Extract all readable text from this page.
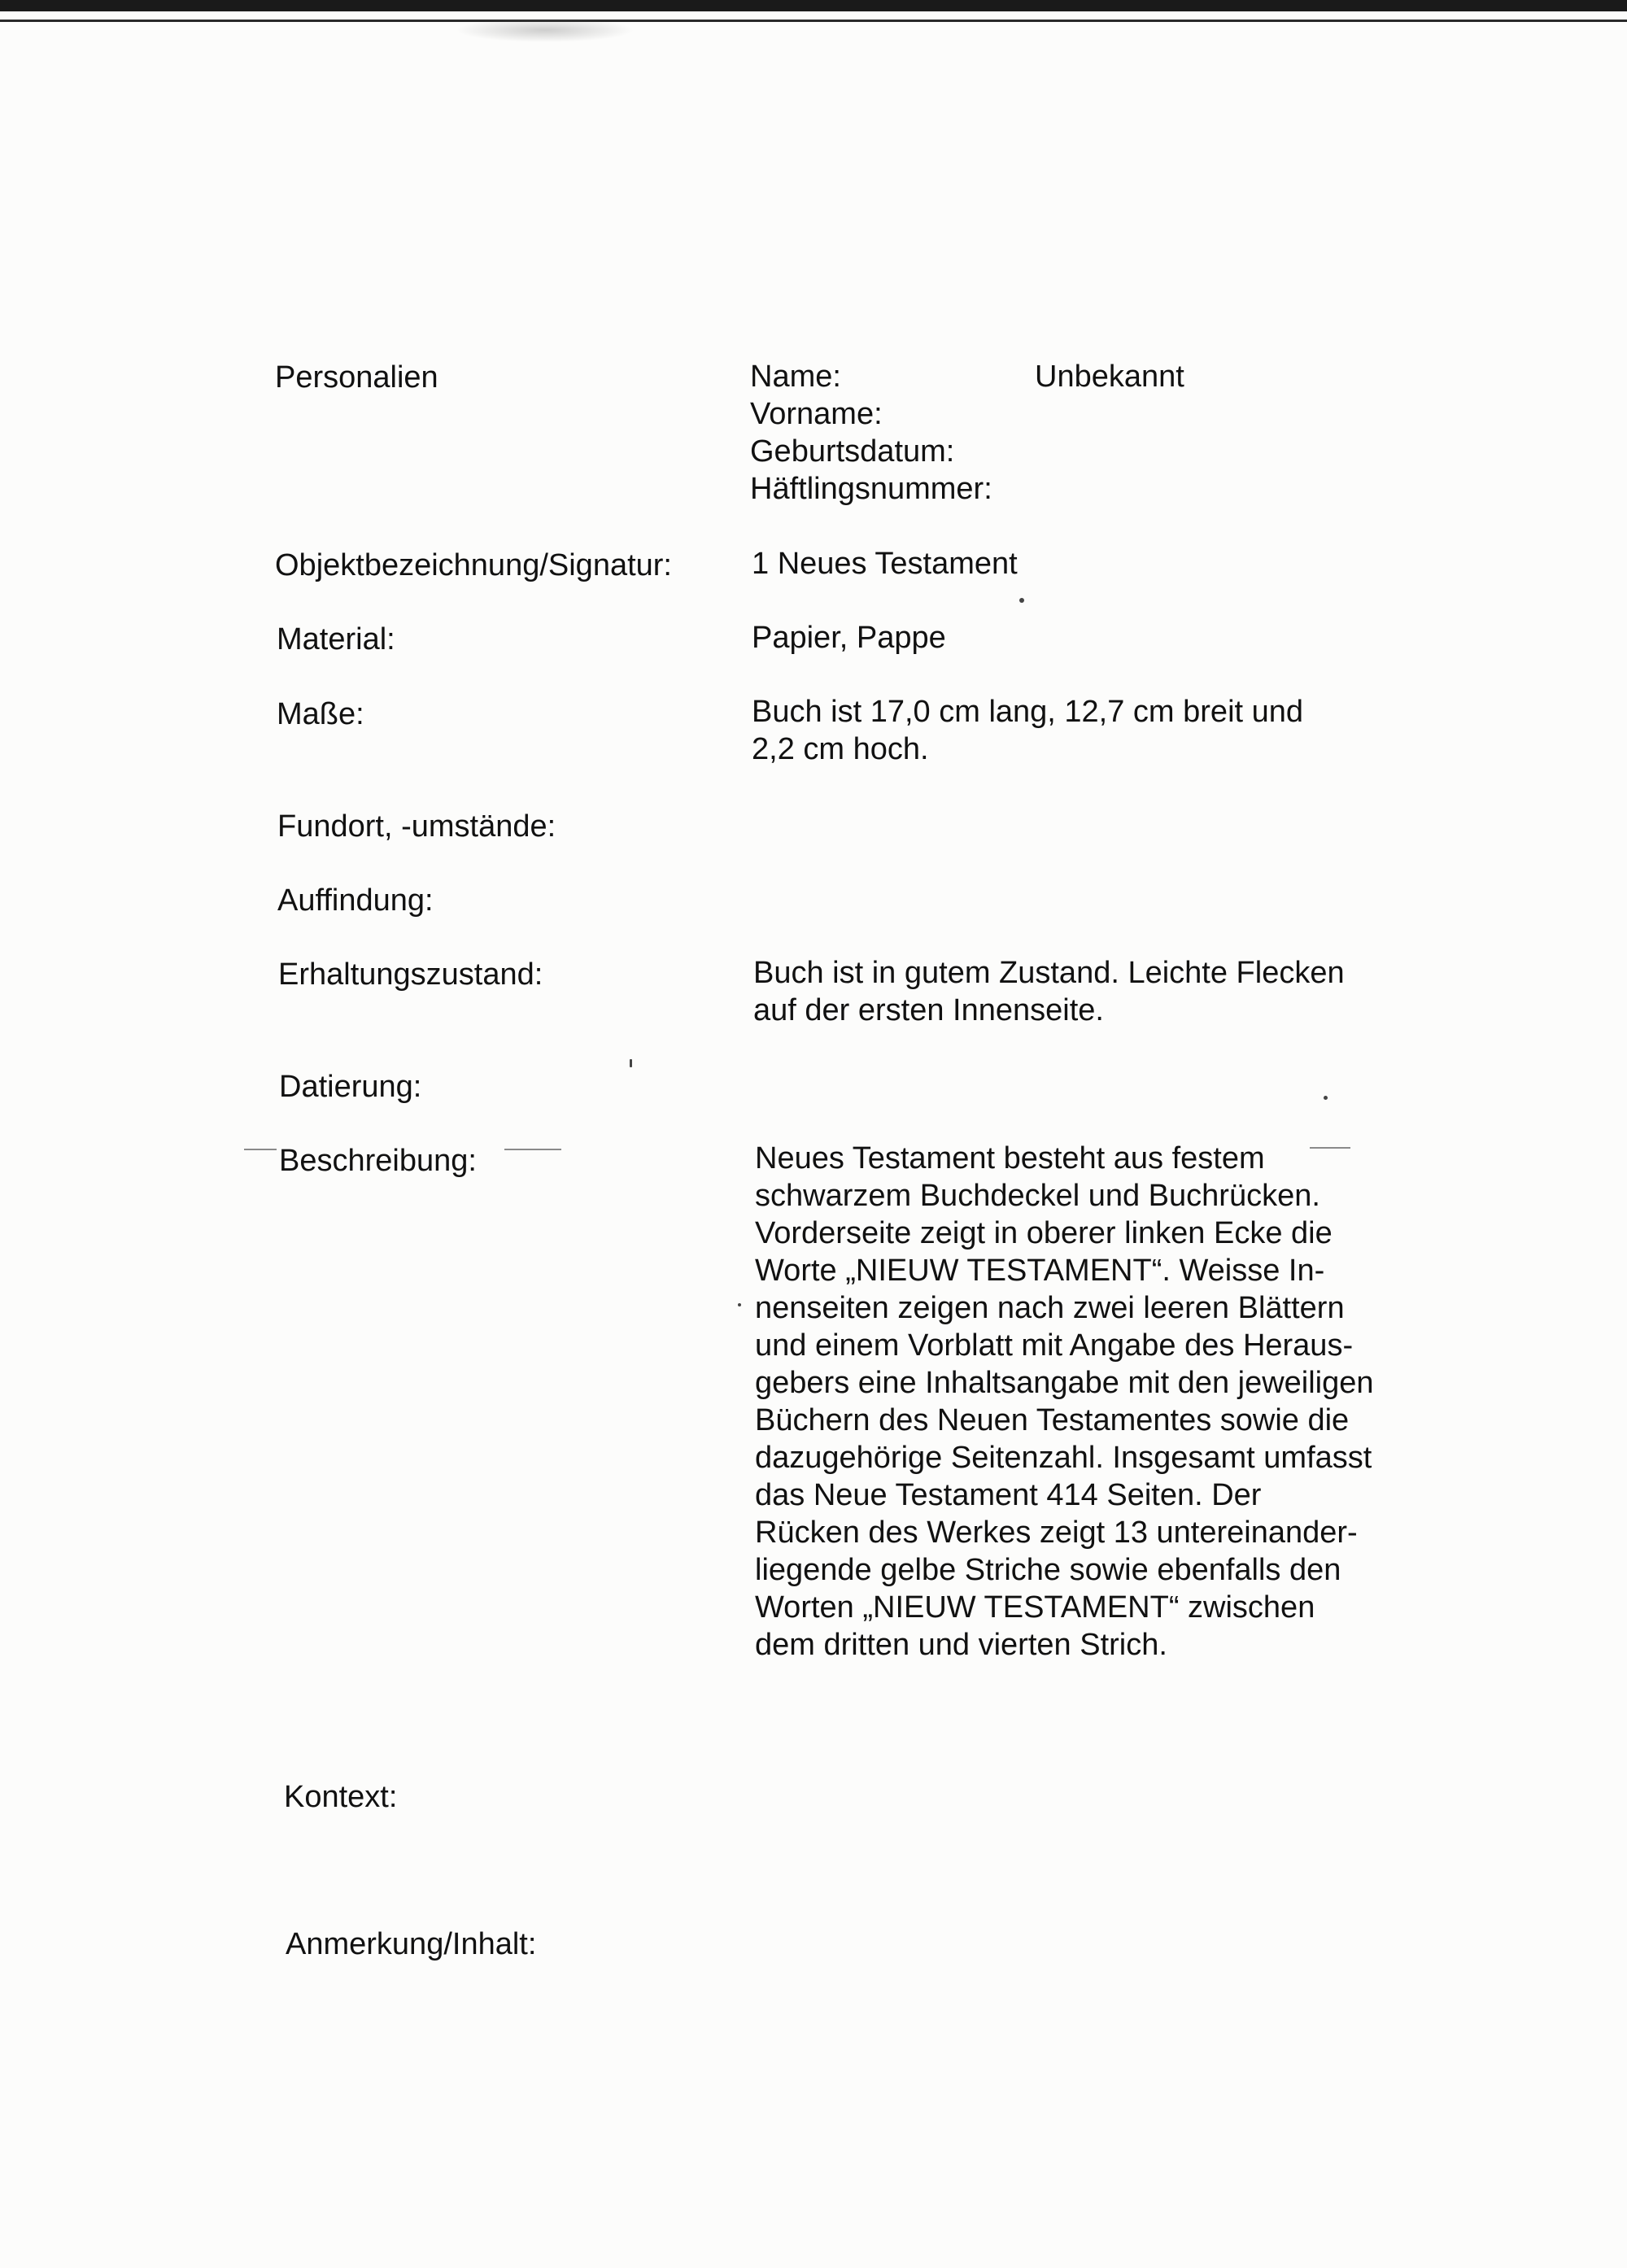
Personalien	Name:	Unbekannt
Vorname:
Geburtsdatum:
Häftlingsnummer:
Objektbezeichnung/Signatur:	1 Neues Testament
Material:	Papier, Pappe
Maße:	Buch ist 17,0 cm lang, 12,7 cm breit und
2,2 cm hoch.
Fundort, -umstände:
Auffindung:
Erhaltungszustand:	Buch ist in gutem Zustand. Leichte Flecken
auf der ersten Innenseite.
Datierung:
Beschreibung:	Neues Testament besteht aus festem
schwarzem Buchdeckel und Buchrücken.
Vorderseite zeigt in oberer linken Ecke die
Worte „NIEUW TESTAMENT“. Weisse In-
nenseiten zeigen nach zwei leeren Blättern
und einem Vorblatt mit Angabe des Heraus-
gebers eine Inhaltsangabe mit den jeweiligen
Büchern des Neuen Testamentes sowie die
dazugehörige Seitenzahl. Insgesamt umfasst
das Neue Testament 414 Seiten. Der
Rücken des Werkes zeigt 13 untereinander-
liegende gelbe Striche sowie ebenfalls den
Worten „NIEUW TESTAMENT“ zwischen
dem dritten und vierten Strich.
Kontext:
Anmerkung/Inhalt:
